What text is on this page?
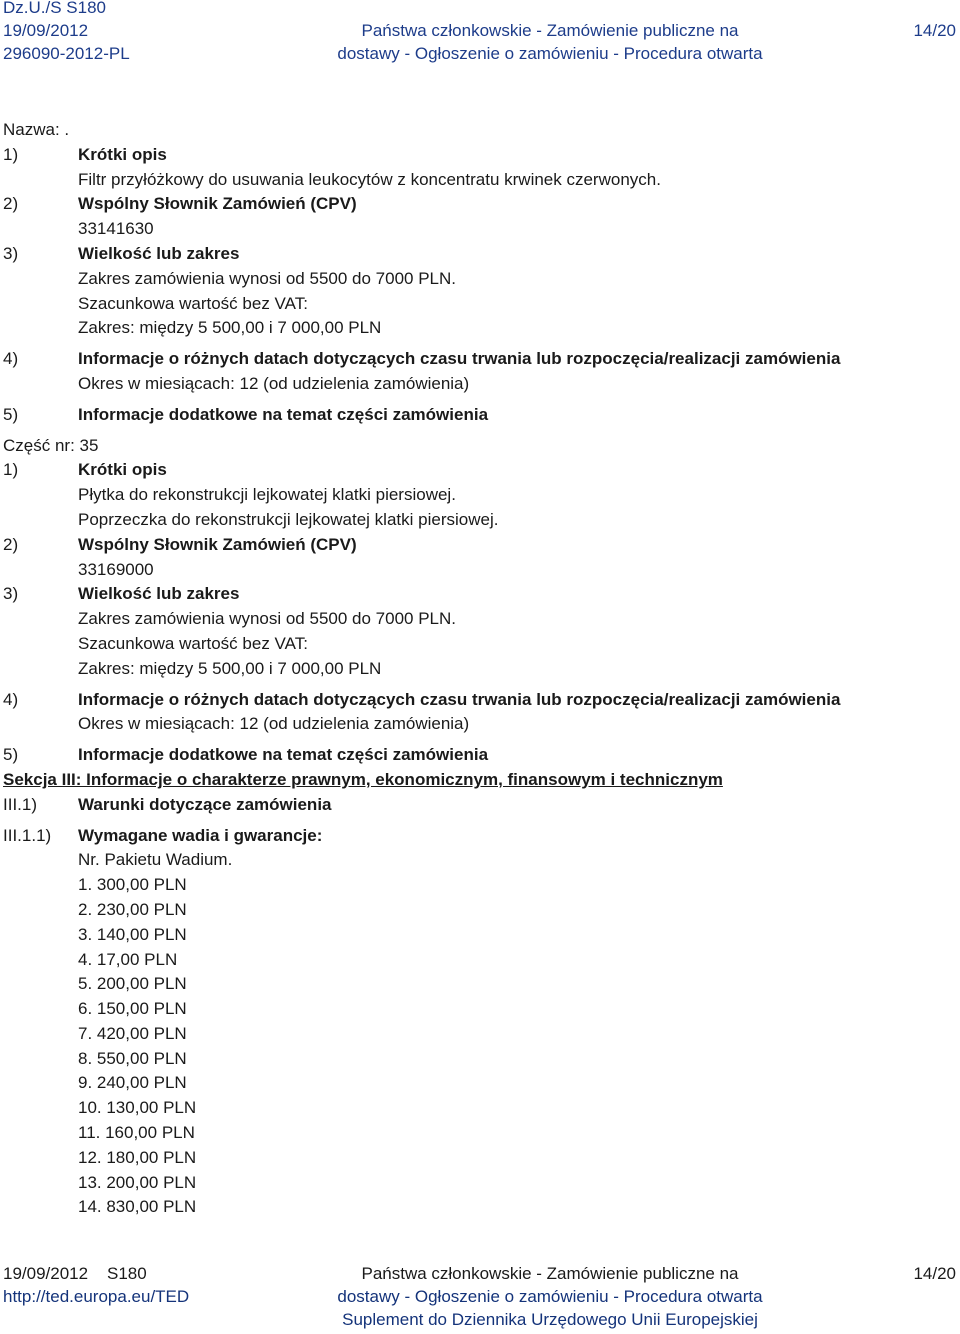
Dz.U./S S180
19/09/2012
296090-2012-PL
Państwa członkowskie - Zamówienie publiczne na
dostawy - Ogłoszenie o zamówieniu - Procedura otwarta
14/20
Nazwa: .
1)	Krótki opis
Filtr przyłóżkowy do usuwania leukocytów z koncentratu krwinek czerwonych.
2)	Wspólny Słownik Zamówień (CPV)
33141630
3)	Wielkość lub zakres
Zakres zamówienia wynosi od 5500 do 7000 PLN.
Szacunkowa wartość bez VAT:
Zakres: między 5 500,00 i 7 000,00 PLN
4)	Informacje o różnych datach dotyczących czasu trwania lub rozpoczęcia/realizacji zamówienia
Okres w miesiącach: 12 (od udzielenia zamówienia)
5)	Informacje dodatkowe na temat części zamówienia
Część nr: 35
1)	Krótki opis
Płytka do rekonstrukcji lejkowatej klatki piersiowej.
Poprzeczka do rekonstrukcji lejkowatej klatki piersiowej.
2)	Wspólny Słownik Zamówień (CPV)
33169000
3)	Wielkość lub zakres
Zakres zamówienia wynosi od 5500 do 7000 PLN.
Szacunkowa wartość bez VAT:
Zakres: między 5 500,00 i 7 000,00 PLN
4)	Informacje o różnych datach dotyczących czasu trwania lub rozpoczęcia/realizacji zamówienia
Okres w miesiącach: 12 (od udzielenia zamówienia)
5)	Informacje dodatkowe na temat części zamówienia
Sekcja III: Informacje o charakterze prawnym, ekonomicznym, finansowym i technicznym
III.1) Warunki dotyczące zamówienia
III.1.1) Wymagane wadia i gwarancje:
Nr. Pakietu Wadium.
1. 300,00 PLN
2. 230,00 PLN
3. 140,00 PLN
4. 17,00 PLN
5. 200,00 PLN
6. 150,00 PLN
7. 420,00 PLN
8. 550,00 PLN
9. 240,00 PLN
10. 130,00 PLN
11. 160,00 PLN
12. 180,00 PLN
13. 200,00 PLN
14. 830,00 PLN
19/09/2012    S180
http://ted.europa.eu/TED
Państwa członkowskie - Zamówienie publiczne na
dostawy - Ogłoszenie o zamówieniu - Procedura otwarta
Suplement do Dziennika Urzędowego Unii Europejskiej
14/20
